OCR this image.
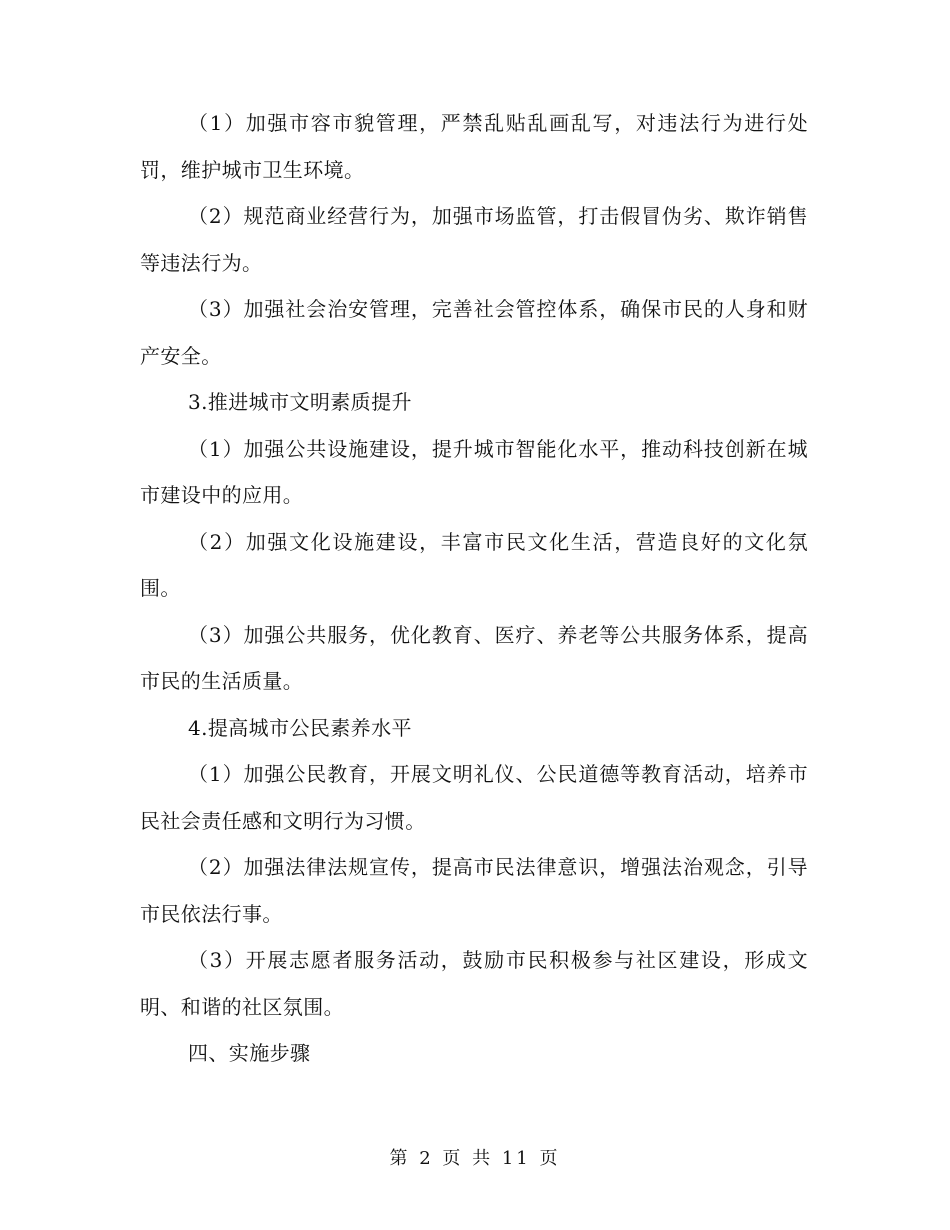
（1）加强市容市貌管理，严禁乱贴乱画乱写，对违法行为进行处罚，维护城市卫生环境。

（2）规范商业经营行为，加强市场监管，打击假冒伪劣、欺诈销售等违法行为。

（3）加强社会治安管理，完善社会管控体系，确保市民的人身和财产安全。

3.推进城市文明素质提升

（1）加强公共设施建设，提升城市智能化水平，推动科技创新在城市建设中的应用。

（2）加强文化设施建设，丰富市民文化生活，营造良好的文化氛围。

（3）加强公共服务，优化教育、医疗、养老等公共服务体系，提高市民的生活质量。

4.提高城市公民素养水平

（1）加强公民教育，开展文明礼仪、公民道德等教育活动，培养市民社会责任感和文明行为习惯。

（2）加强法律法规宣传，提高市民法律意识，增强法治观念，引导市民依法行事。

（3）开展志愿者服务活动，鼓励市民积极参与社区建设，形成文明、和谐的社区氛围。

四、实施步骤

第 2 页 共 11 页
